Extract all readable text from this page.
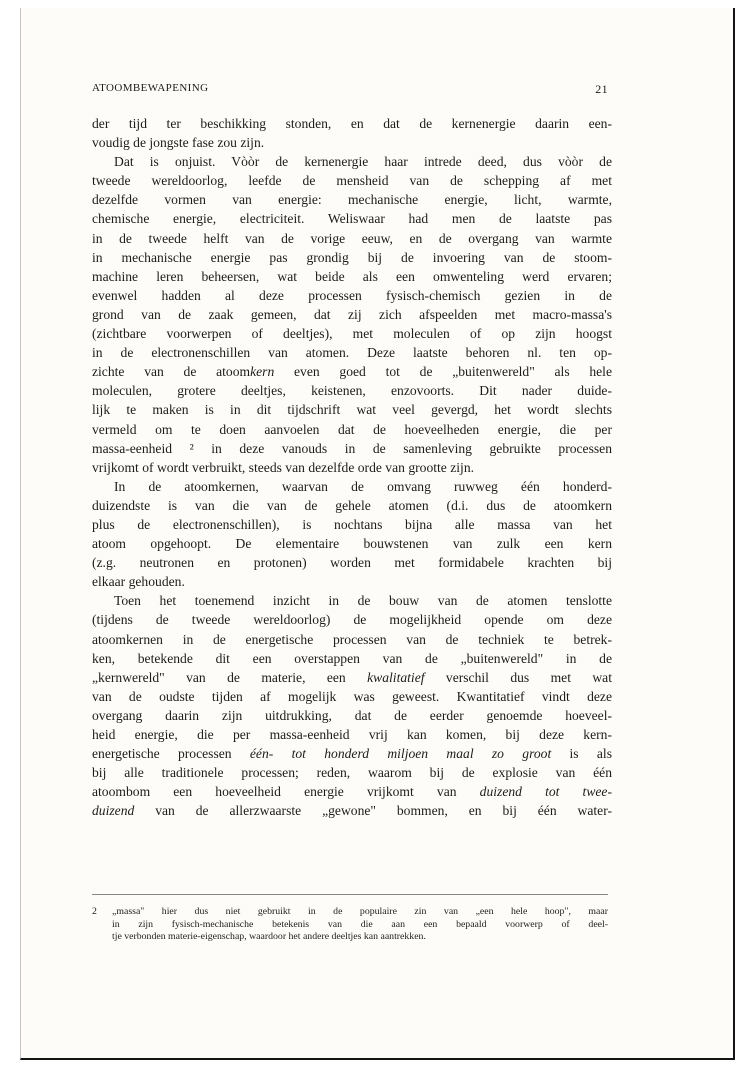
ATOOMBEWAPENING	21
der tijd ter beschikking stonden, en dat de kernenergie daarin een-
voudig de jongste fase zou zijn.
Dat is onjuist. Vòòr de kernenergie haar intrede deed, dus vòòr de
tweede wereldoorlog, leefde de mensheid van de schepping af met
dezelfde vormen van energie: mechanische energie, licht, warmte,
chemische energie, electriciteit. Weliswaar had men de laatste pas
in de tweede helft van de vorige eeuw, en de overgang van warmte
in mechanische energie pas grondig bij de invoering van de stoom-
machine leren beheersen, wat beide als een omwenteling werd ervaren;
evenwel hadden al deze processen fysisch-chemisch gezien in de
grond van de zaak gemeen, dat zij zich afspeelden met macro-massa's
(zichtbare voorwerpen of deeltjes), met moleculen of op zijn hoogst
in de electronenschillen van atomen. Deze laatste behoren nl. ten op-
zichte van de atoomkern even goed tot de „buitenwereld" als hele
moleculen, grotere deeltjes, keistenen, enzovoorts. Dit nader duide-
lijk te maken is in dit tijdschrift wat veel gevergd, het wordt slechts
vermeld om te doen aanvoelen dat de hoeveelheden energie, die per
massa-eenheid ² in deze vanouds in de samenleving gebruikte processen
vrijkomt of wordt verbruikt, steeds van dezelfde orde van grootte zijn.
In de atoomkernen, waarvan de omvang ruwweg één honderd-
duizendste is van die van de gehele atomen (d.i. dus de atoomkern
plus de electronenschillen), is nochtans bijna alle massa van het
atoom opgehoopt. De elementaire bouwstenen van zulk een kern
(z.g. neutronen en protonen) worden met formidabele krachten bij
elkaar gehouden.
Toen het toenemend inzicht in de bouw van de atomen tenslotte
(tijdens de tweede wereldoorlog) de mogelijkheid opende om deze
atoomkernen in de energetische processen van de techniek te betrek-
ken, betekende dit een overstappen van de „buitenwereld" in de
„kernwereld" van de materie, een kwalitatief verschil dus met wat
van de oudste tijden af mogelijk was geweest. Kwantitatief vindt deze
overgang daarin zijn uitdrukking, dat de eerder genoemde hoeveel-
heid energie, die per massa-eenheid vrij kan komen, bij deze kern-
energetische processen één- tot honderd miljoen maal zo groot is als
bij alle traditionele processen; reden, waarom bij de explosie van één
atoombom een hoeveelheid energie vrijkomt van duizend tot twee-
duizend van de allerzwaarste „gewone" bommen, en bij één water-
2 „massa" hier dus niet gebruikt in de populaire zin van „een hele hoop", maar
in zijn fysisch-mechanische betekenis van die aan een bepaald voorwerp of deel-
tje verbonden materie-eigenschap, waardoor het andere deeltjes kan aantrekken.
